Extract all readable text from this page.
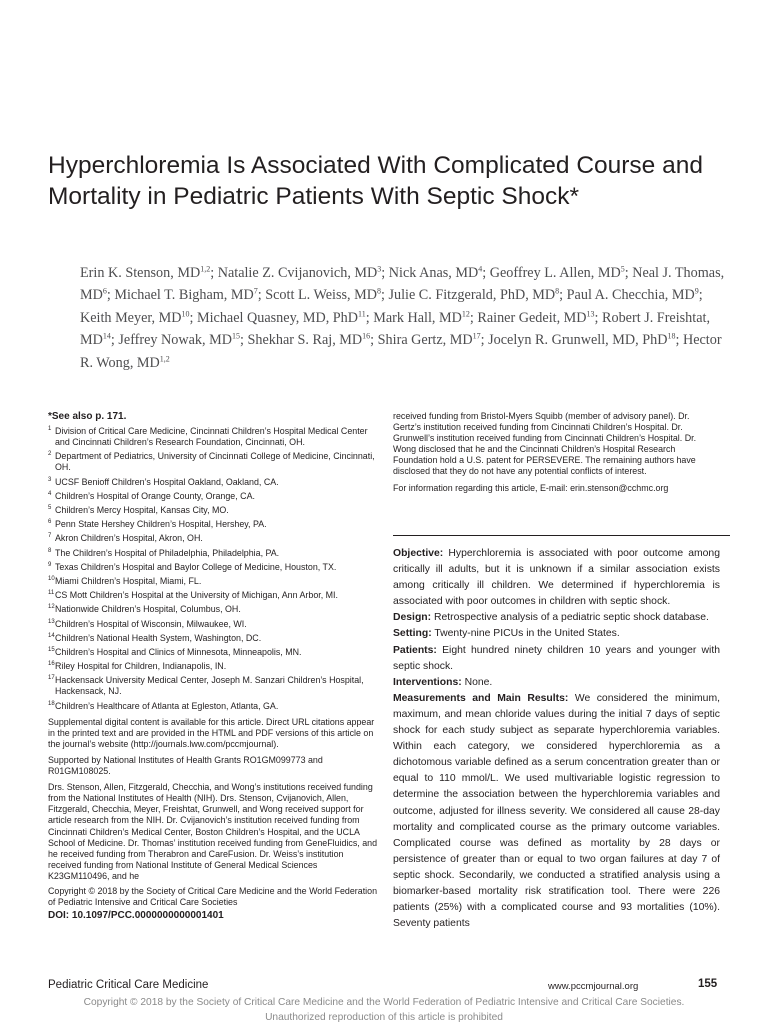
Hyperchloremia Is Associated With Complicated Course and Mortality in Pediatric Patients With Septic Shock*

Erin K. Stenson, MD$^{1,2}$; Natalie Z. Cvijanovich, $MD^3$; Nick Anas, $MD^4$; Geoffrey L. Allen, $MD^5$; Neal J. Thomas, $MD^6$; Michael T. Bigham, $MD^7$; Scott L. Weiss, $MD^8$; Julie C. Fitzgerald, PhD, $MD^8$; Paul A. Checchia, $MD^9$; Keith Meyer, MD$^{10}$; Michael Quasney, MD, PhD$^{11}$; Mark Hall, MD$^{12}$; Rainer Gedeit, MD$^{13}$; Robert J. Freishtat, MD$^{14}$; Jeffrey Nowak, MD$^{15}$; Shekhar S. Raj, MD$^{16}$; Shira Gertz, MD$^{17}$; Jocelyn R. Grunwell, MD, PhD$^{18}$; Hector R. Wong, MD$^{1,2}$

*See also p. 171.

1 Division of Critical Care Medicine, Cincinnati Children’s Hospital Medical Center and Cincinnati Children’s Research Foundation, Cincinnati, OH.

2 Department of Pediatrics, University of Cincinnati College of Medicine, Cincinnati, OH.

3 UCSF Benioff Children’s Hospital Oakland, Oakland, CA.

4 Children’s Hospital of Orange County, Orange, CA.

5 Children’s Mercy Hospital, Kansas City, MO.

6 Penn State Hershey Children’s Hospital, Hershey, PA.

7 Akron Children’s Hospital, Akron, OH.

8 The Children’s Hospital of Philadelphia, Philadelphia, PA.

9 Texas Children’s Hospital and Baylor College of Medicine, Houston, TX.

10 Miami Children’s Hospital, Miami, FL.

11 CS Mott Children’s Hospital at the University of Michigan, Ann Arbor, MI.

12 Nationwide Children’s Hospital, Columbus, OH.

13 Children’s Hospital of Wisconsin, Milwaukee, WI.

14 Children’s National Health System, Washington, DC.

15 Children’s Hospital and Clinics of Minnesota, Minneapolis, MN.

16 Riley Hospital for Children, Indianapolis, IN.

17 Hackensack University Medical Center, Joseph M. Sanzari Children’s Hospital, Hackensack, NJ.

18 Children’s Healthcare of Atlanta at Egleston, Atlanta, GA.

Supplemental digital content is available for this article. Direct URL citations appear in the printed text and are provided in the HTML and PDF versions of this article on the journal’s website (http://journals.lww.com/pccmjournal).

Supported by National Institutes of Health Grants RO1GM099773 and R01GM108025.

Drs. Stenson, Allen, Fitzgerald, Checchia, and Wong’s institutions received funding from the National Institutes of Health (NIH). Drs. Stenson, Cvijanovich, Allen, Fitzgerald, Checchia, Meyer, Freishtat, Grunwell, and Wong received support for article research from the NIH. Dr. Cvijanovich’s institution received funding from Cincinnati Children’s Medical Center, Boston Children’s Hospital, and the UCLA School of Medicine. Dr. Thomas’ institution received funding from GeneFluidics, and he received funding from Therabron and CareFusion. Dr. Weiss’s institution received funding from National Institute of General Medical Sciences K23GM110496, and he

Copyright © 2018 by the Society of Critical Care Medicine and the World Federation of Pediatric Intensive and Critical Care Societies

DOI: 10.1097/PCC.0000000000001401

received funding from Bristol-Myers Squibb (member of advisory panel). Dr. Gertz’s institution received funding from Cincinnati Children’s Hospital. Dr. Grunwell’s institution received funding from Cincinnati Children’s Hospital. Dr. Wong disclosed that he and the Cincinnati Children’s Hospital Research Foundation hold a U.S. patent for PERSEVERE. The remaining authors have disclosed that they do not have any potential conflicts of interest.

For information regarding this article, E-mail: erin.stenson@cchmc.org

Objective: Hyperchloremia is associated with poor outcome among critically ill adults, but it is unknown if a similar association exists among critically ill children. We determined if hyperchloremia is associated with poor outcomes in children with septic shock.

Design: Retrospective analysis of a pediatric septic shock database.

Setting: Twenty-nine PICUs in the United States.

Patients: Eight hundred ninety children 10 years and younger with septic shock.

Interventions: None.

Measurements and Main Results: We considered the minimum, maximum, and mean chloride values during the initial 7 days of septic shock for each study subject as separate hyperchloremia variables. Within each category, we considered hyperchloremia as a dichotomous variable defined as a serum concentration greater than or equal to 110 mmol/L. We used multivariable logistic regression to determine the association between the hyperchloremia variables and outcome, adjusted for illness severity. We considered all cause 28-day mortality and complicated course as the primary outcome variables. Complicated course was defined as mortality by 28 days or persistence of greater than or equal to two organ failures at day 7 of septic shock. Secondarily, we conducted a stratified analysis using a biomarker-based mortality risk stratification tool. There were 226 patients (25%) with a complicated course and 93 mortalities (10%). Seventy patients

Pediatric Critical Care Medicine	www.pccmjournal.org	155
Copyright © 2018 by the Society of Critical Care Medicine and the World Federation of Pediatric Intensive and Critical Care Societies.
Unauthorized reproduction of this article is prohibited
